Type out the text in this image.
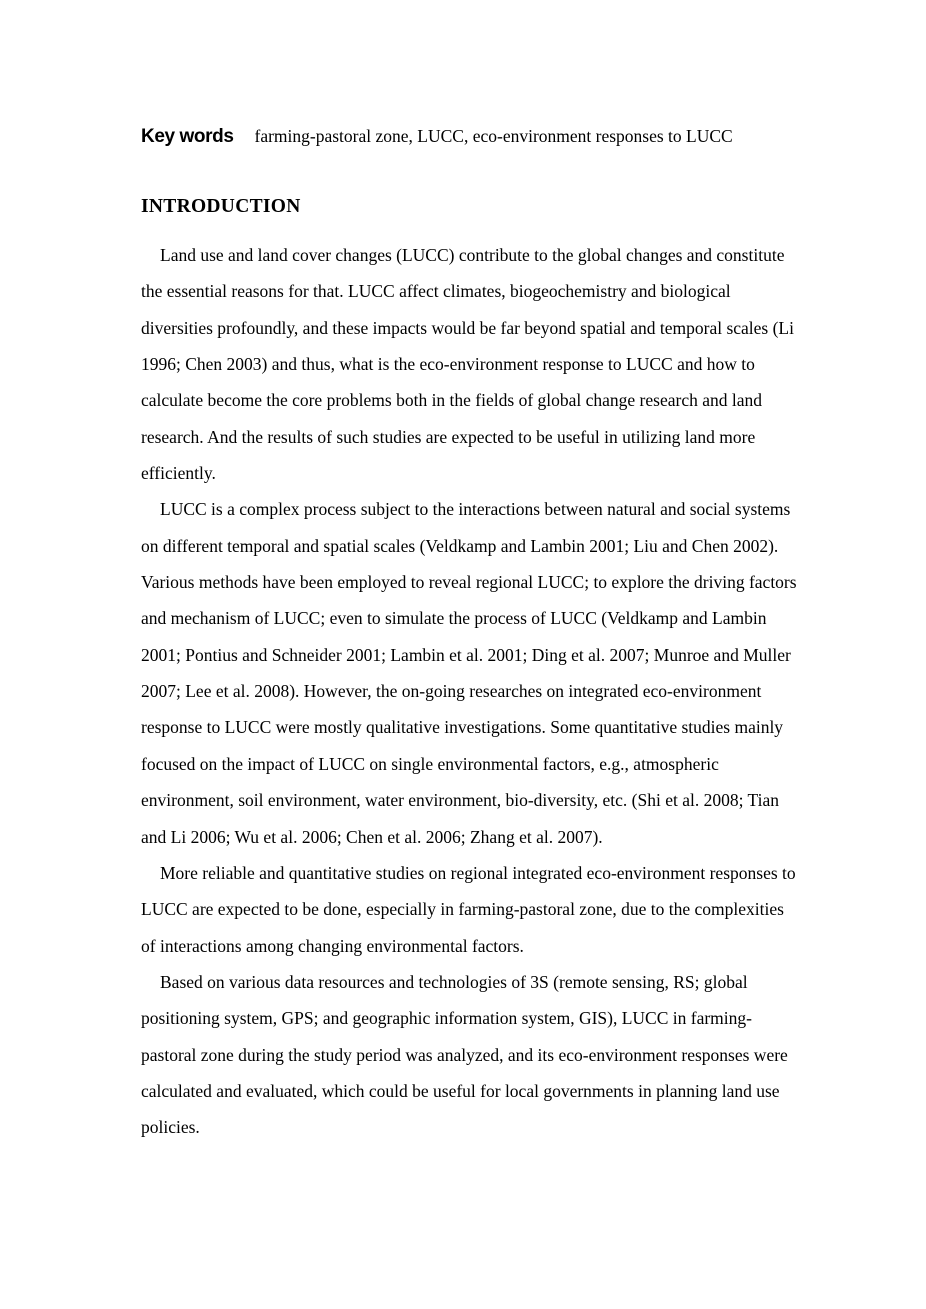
Key words farming-pastoral zone, LUCC, eco-environment responses to LUCC
INTRODUCTION

Land use and land cover changes (LUCC) contribute to the global changes and constitute the essential reasons for that. LUCC affect climates, biogeochemistry and biological diversities profoundly, and these impacts would be far beyond spatial and temporal scales (Li 1996; Chen 2003) and thus, what is the eco-environment response to LUCC and how to calculate become the core problems both in the fields of global change research and land research. And the results of such studies are expected to be useful in utilizing land more efficiently.

LUCC is a complex process subject to the interactions between natural and social systems on different temporal and spatial scales (Veldkamp and Lambin 2001; Liu and Chen 2002). Various methods have been employed to reveal regional LUCC; to explore the driving factors and mechanism of LUCC; even to simulate the process of LUCC (Veldkamp and Lambin 2001; Pontius and Schneider 2001; Lambin et al. 2001; Ding et al. 2007; Munroe and Muller 2007; Lee et al. 2008). However, the on-going researches on integrated eco-environment response to LUCC were mostly qualitative investigations. Some quantitative studies mainly focused on the impact of LUCC on single environmental factors, e.g., atmospheric environment, soil environment, water environment, bio-diversity, etc. (Shi et al. 2008; Tian and Li 2006; Wu et al. 2006; Chen et al. 2006; Zhang et al. 2007).

More reliable and quantitative studies on regional integrated eco-environment responses to LUCC are expected to be done, especially in farming-pastoral zone, due to the complexities of interactions among changing environmental factors.

Based on various data resources and technologies of 3S (remote sensing, RS; global positioning system, GPS; and geographic information system, GIS), LUCC in farming-pastoral zone during the study period was analyzed, and its eco-environment responses were calculated and evaluated, which could be useful for local governments in planning land use policies.
